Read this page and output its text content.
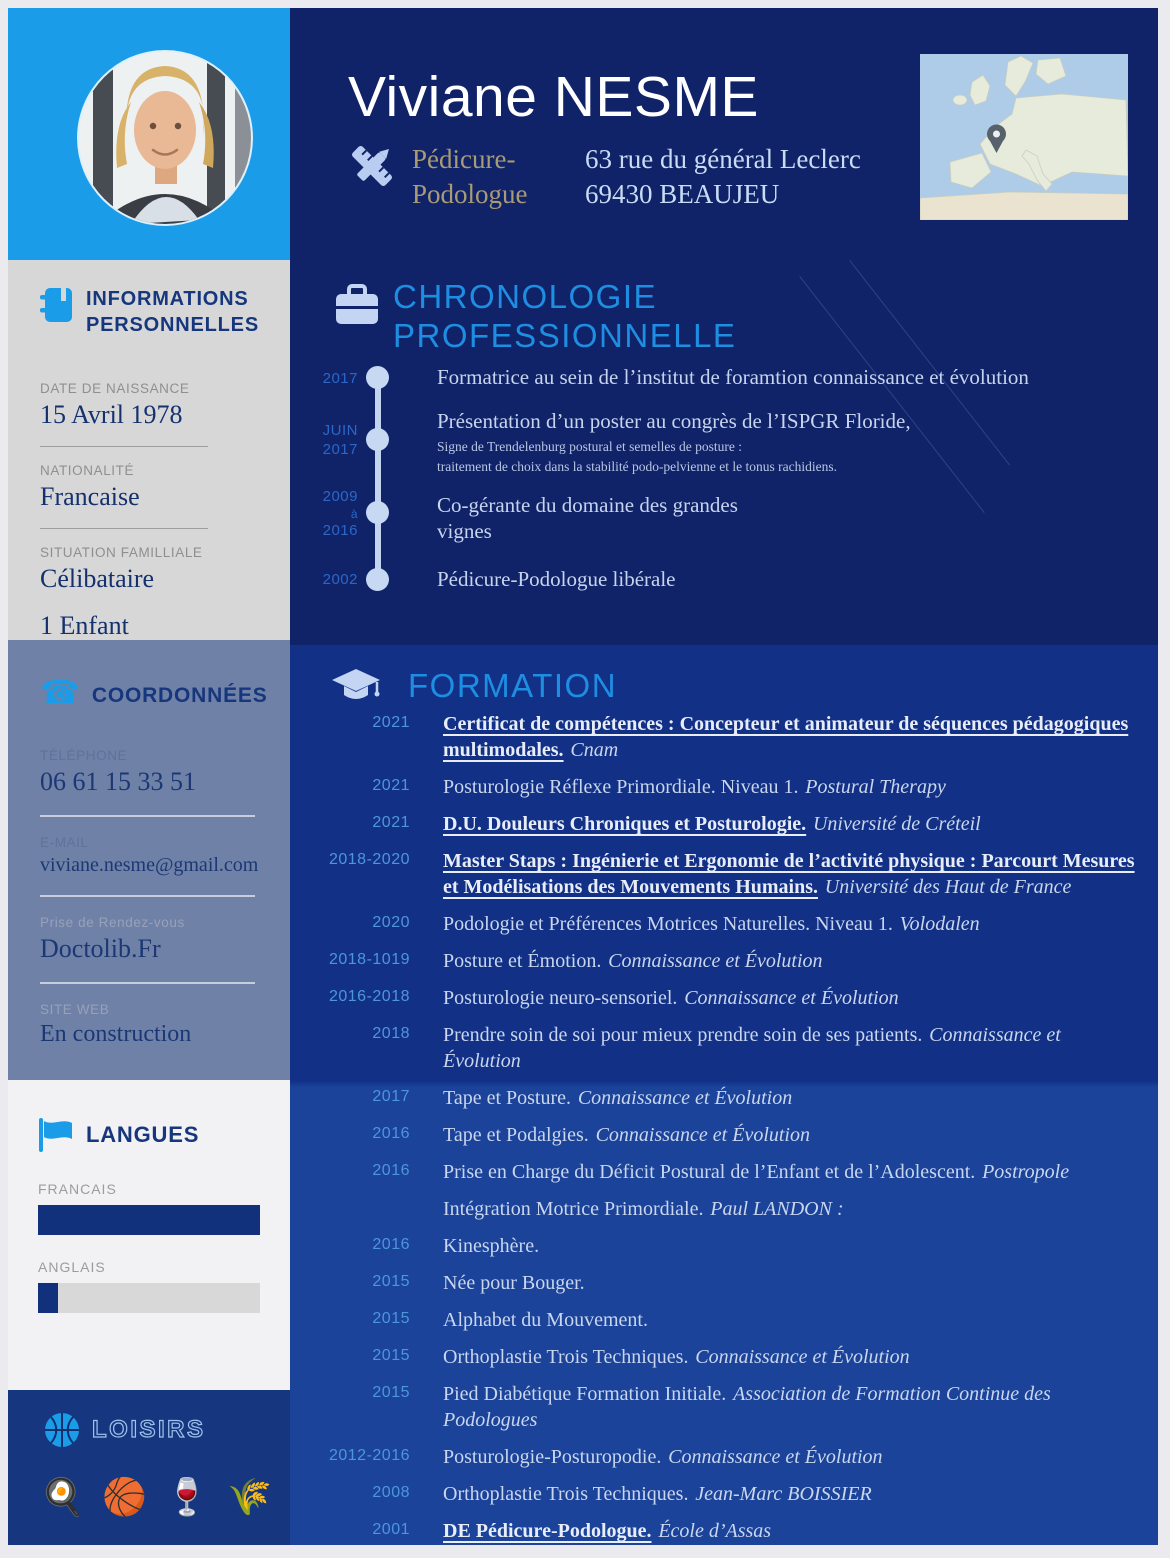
INFORMATIONS
PERSONNELLES
DATE DE NAISSANCE
15 Avril 1978
NATIONALITÉ
Francaise
SITUATION FAMILLIALE
Célibataire
1 Enfant
☎ COORDONNÉES
TÉLÉPHONE
06 61 15 33 51
E-MAIL
viviane.nesme@gmail.com
Prise de Rendez-vous
Doctolib.Fr
SITE WEB
En construction
LANGUES
FRANCAIS
ANGLAIS
LOISIRS
🍳 🏀 🍷 🌾
Viviane NESME
Pédicure-
Podologue
63 rue du général Leclerc
69430 BEAUJEU
CHRONOLOGIE
PROFESSIONNELLE
2017	Formatrice au sein de l’institut de foramtion connaissance et évolution
JUIN
2017
Présentation d’un poster au congrès de l’ISPGR Floride,
Signe de Trendelenburg postural et semelles de posture :
traitement de choix dans la stabilité podo-pelvienne et le tonus rachidiens.
2009
à
2016
Co-gérante du domaine des grandes vignes
2002	Pédicure-Podologue libérale
FORMATION
2021 Certificat de compétences : Concepteur et animateur de séquences pédagogiques multimodales. Cnam
2021 Posturologie Réflexe Primordiale. Niveau 1. Postural Therapy
2021 D.U. Douleurs Chroniques et Posturologie. Université de Créteil
2018-2020 Master Staps : Ingénierie et Ergonomie de l’activité physique : Parcourt Mesures et Modélisations des Mouvements Humains. Université des Haut de France
2020 Podologie et Préférences Motrices Naturelles. Niveau 1. Volodalen
2018-1019 Posture et Émotion. Connaissance et Évolution
2016-2018 Posturologie neuro-sensoriel. Connaissance et Évolution
2018 Prendre soin de soi pour mieux prendre soin de ses patients. Connaissance et Évolution
2017 Tape et Posture. Connaissance et Évolution
2016 Tape et Podalgies. Connaissance et Évolution
2016 Prise en Charge du Déficit Postural de l’Enfant et de l’Adolescent. Postropole
Intégration Motrice Primordiale. Paul LANDON :
2016 Kinesphère.
2015 Née pour Bouger.
2015 Alphabet du Mouvement.
2015 Orthoplastie Trois Techniques. Connaissance et Évolution
2015 Pied Diabétique Formation Initiale. Association de Formation Continue des Podologues
2012-2016 Posturologie-Posturopodie. Connaissance et Évolution
2008 Orthoplastie Trois Techniques. Jean-Marc BOISSIER
2001 DE Pédicure-Podologue. École d’Assas
